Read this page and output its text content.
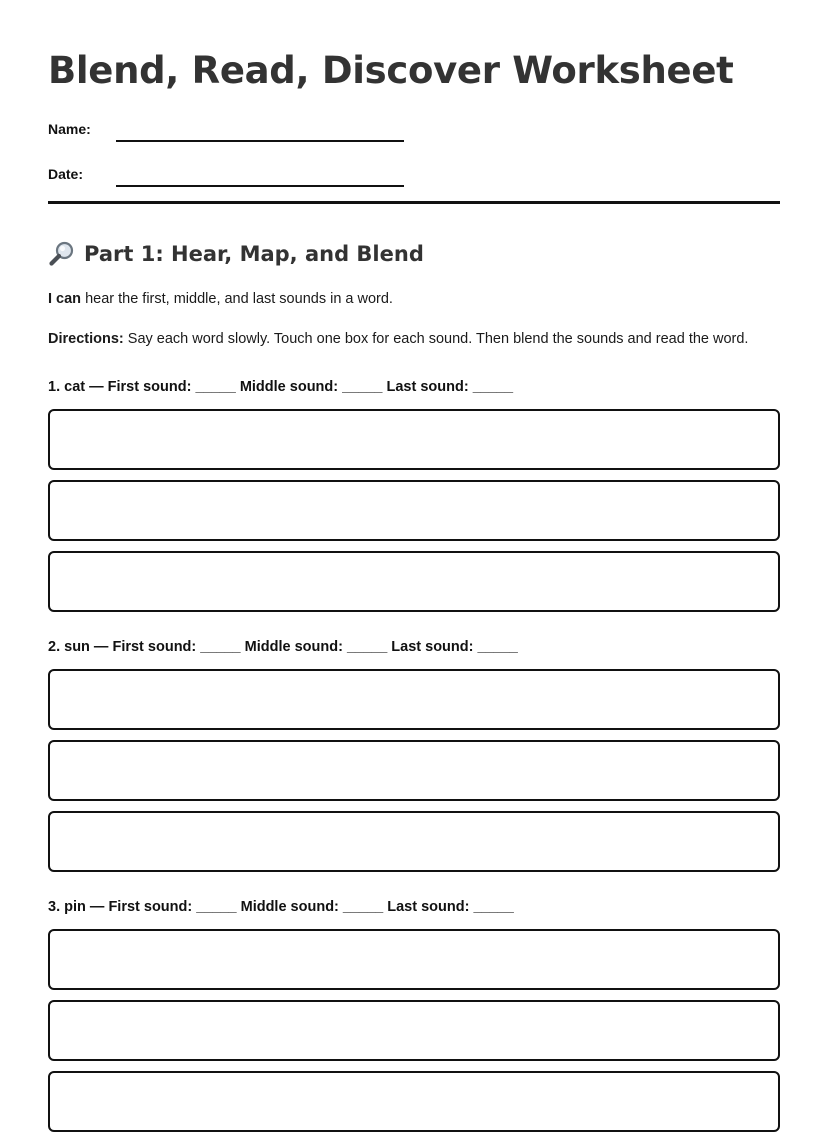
Blend, Read, Discover Worksheet
Name:
Date:
Part 1: Hear, Map, and Blend

I can hear the first, middle, and last sounds in a word.

Directions: Say each word slowly. Touch one box for each sound. Then blend the sounds and read the word.

1. cat — First sound: _____ Middle sound: _____ Last sound: _____

2. sun — First sound: _____ Middle sound: _____ Last sound: _____

3. pin — First sound: _____ Middle sound: _____ Last sound: _____
